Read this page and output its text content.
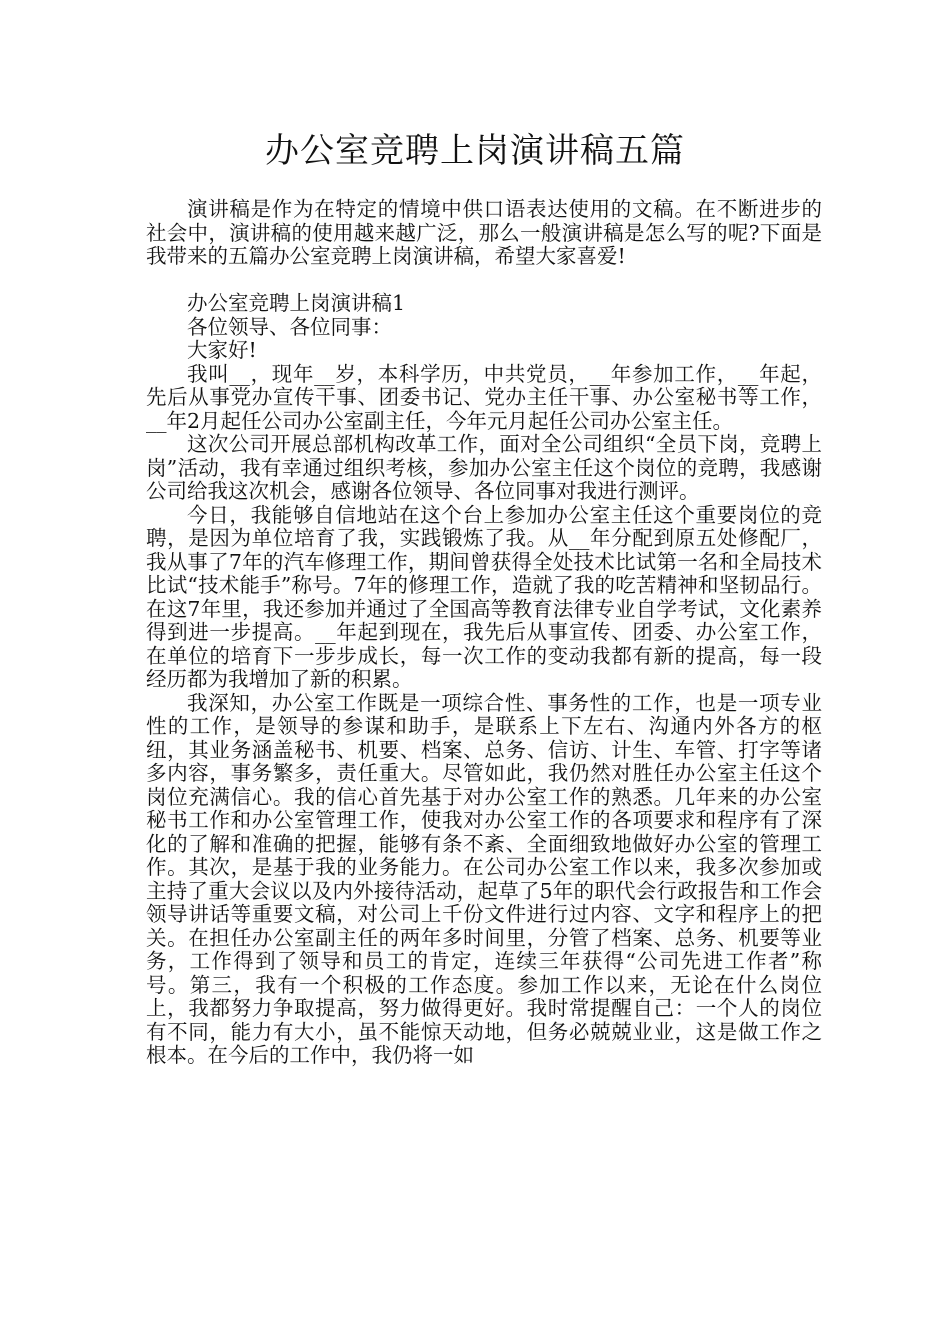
办公室竞聘上岗演讲稿五篇

演讲稿是作为在特定的情境中供口语表达使用的文稿。在不断进步的社会中，演讲稿的使用越来越广泛，那么一般演讲稿是怎么写的呢?下面是我带来的五篇办公室竞聘上岗演讲稿，希望大家喜爱!

办公室竞聘上岗演讲稿1

各位领导、各位同事：

大家好!

我叫__，现年__岁，本科学历，中共党员，__年参加工作，__年起，先后从事党办宣传干事、团委书记、党办主任干事、办公室秘书等工作，__年2月起任公司办公室副主任，今年元月起任公司办公室主任。

这次公司开展总部机构改革工作，面对全公司组织“全员下岗，竞聘上岗”活动，我有幸通过组织考核，参加办公室主任这个岗位的竞聘，我感谢公司给我这次机会，感谢各位领导、各位同事对我进行测评。

今日，我能够自信地站在这个台上参加办公室主任这个重要岗位的竞聘，是因为单位培育了我，实践锻炼了我。从__年分配到原五处修配厂，我从事了7年的汽车修理工作，期间曾获得全处技术比试第一名和全局技术比试“技术能手”称号。7年的修理工作，造就了我的吃苦精神和坚韧品行。在这7年里，我还参加并通过了全国高等教育法律专业自学考试，文化素养得到进一步提高。__年起到现在，我先后从事宣传、团委、办公室工作，在单位的培育下一步步成长，每一次工作的变动我都有新的提高，每一段经历都为我增加了新的积累。

我深知，办公室工作既是一项综合性、事务性的工作，也是一项专业性的工作，是领导的参谋和助手，是联系上下左右、沟通内外各方的枢纽，其业务涵盖秘书、机要、档案、总务、信访、计生、车管、打字等诸多内容，事务繁多，责任重大。尽管如此，我仍然对胜任办公室主任这个岗位充满信心。我的信心首先基于对办公室工作的熟悉。几年来的办公室秘书工作和办公室管理工作，使我对办公室工作的各项要求和程序有了深化的了解和准确的把握，能够有条不紊、全面细致地做好办公室的管理工作。其次，是基于我的业务能力。在公司办公室工作以来，我多次参加或主持了重大会议以及内外接待活动，起草了5年的职代会行政报告和工作会领导讲话等重要文稿，对公司上千份文件进行过内容、文字和程序上的把关。在担任办公室副主任的两年多时间里，分管了档案、总务、机要等业务，工作得到了领导和员工的肯定，连续三年获得“公司先进工作者”称号。第三，我有一个积极的工作态度。参加工作以来，无论在什么岗位上，我都努力争取提高，努力做得更好。我时常提醒自己：一个人的岗位有不同，能力有大小，虽不能惊天动地，但务必兢兢业业，这是做工作之根本。在今后的工作中，我仍将一如
